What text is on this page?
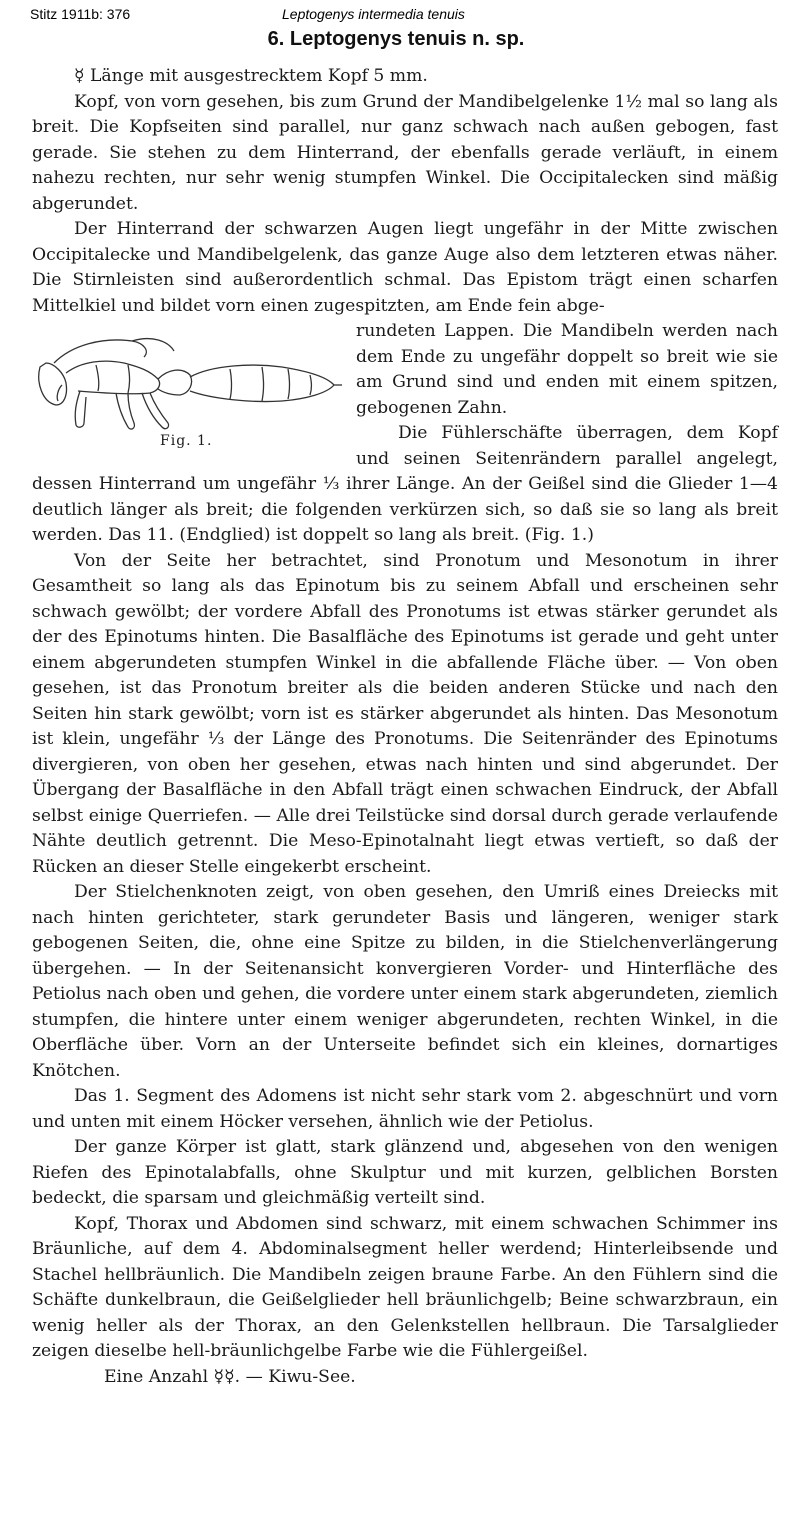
Stitz 1911b: 376	Leptogenys intermedia tenuis
6. Leptogenys tenuis n. sp.

☿ Länge mit ausgestrecktem Kopf 5 mm.

Kopf, von vorn gesehen, bis zum Grund der Mandibelgelenke 1½ mal so lang als breit. Die Kopfseiten sind parallel, nur ganz schwach nach außen gebogen, fast gerade. Sie stehen zu dem Hinterrand, der ebenfalls gerade verläuft, in einem nahezu rechten, nur sehr wenig stumpfen Winkel. Die Occipitalecken sind mäßig abgerundet.

Der Hinterrand der schwarzen Augen liegt ungefähr in der Mitte zwischen Occipitalecke und Mandibelgelenk, das ganze Auge also dem letzteren etwas näher. Die Stirnleisten sind außerordentlich schmal. Das Epistom trägt einen scharfen Mittelkiel und bildet vorn einen zugespitzten, am Ende fein abge-

Fig. 1.

rundeten Lappen. Die Mandibeln werden nach dem Ende zu ungefähr doppelt so breit wie sie am Grund sind und enden mit einem spitzen, gebogenen Zahn.

Die Fühlerschäfte überragen, dem Kopf und seinen Seitenrändern parallel angelegt, dessen Hinterrand um ungefähr ⅓ ihrer Länge. An der Geißel sind die Glieder 1—4 deutlich länger als breit; die folgenden verkürzen sich, so daß sie so lang als breit werden. Das 11. (Endglied) ist doppelt so lang als breit. (Fig. 1.)

Von der Seite her betrachtet, sind Pronotum und Mesonotum in ihrer Gesamtheit so lang als das Epinotum bis zu seinem Abfall und erscheinen sehr schwach gewölbt; der vordere Abfall des Pronotums ist etwas stärker gerundet als der des Epinotums hinten. Die Basalfläche des Epinotums ist gerade und geht unter einem abgerundeten stumpfen Winkel in die abfallende Fläche über. — Von oben gesehen, ist das Pronotum breiter als die beiden anderen Stücke und nach den Seiten hin stark gewölbt; vorn ist es stärker abgerundet als hinten. Das Mesonotum ist klein, ungefähr ⅓ der Länge des Pronotums. Die Seitenränder des Epinotums divergieren, von oben her gesehen, etwas nach hinten und sind abgerundet. Der Übergang der Basalfläche in den Abfall trägt einen schwachen Eindruck, der Abfall selbst einige Querriefen. — Alle drei Teilstücke sind dorsal durch gerade verlaufende Nähte deutlich getrennt. Die Meso-Epinotalnaht liegt etwas vertieft, so daß der Rücken an dieser Stelle eingekerbt erscheint.

Der Stielchenknoten zeigt, von oben gesehen, den Umriß eines Dreiecks mit nach hinten gerichteter, stark gerundeter Basis und längeren, weniger stark gebogenen Seiten, die, ohne eine Spitze zu bilden, in die Stielchenverlängerung übergehen. — In der Seitenansicht konvergieren Vorder- und Hinterfläche des Petiolus nach oben und gehen, die vordere unter einem stark abgerundeten, ziemlich stumpfen, die hintere unter einem weniger abgerundeten, rechten Winkel, in die Oberfläche über. Vorn an der Unterseite befindet sich ein kleines, dornartiges Knötchen.

Das 1. Segment des Adomens ist nicht sehr stark vom 2. abgeschnürt und vorn und unten mit einem Höcker versehen, ähnlich wie der Petiolus.

Der ganze Körper ist glatt, stark glänzend und, abgesehen von den wenigen Riefen des Epinotalabfalls, ohne Skulptur und mit kurzen, gelblichen Borsten bedeckt, die sparsam und gleichmäßig verteilt sind.

Kopf, Thorax und Abdomen sind schwarz, mit einem schwachen Schimmer ins Bräunliche, auf dem 4. Abdominalsegment heller werdend; Hinterleibsende und Stachel hellbräunlich. Die Mandibeln zeigen braune Farbe. An den Fühlern sind die Schäfte dunkelbraun, die Geißelglieder hell bräunlichgelb; Beine schwarzbraun, ein wenig heller als der Thorax, an den Gelenkstellen hellbraun. Die Tarsalglieder zeigen dieselbe hell-bräunlichgelbe Farbe wie die Fühlergeißel.

Eine Anzahl ☿☿. — Kiwu-See.
